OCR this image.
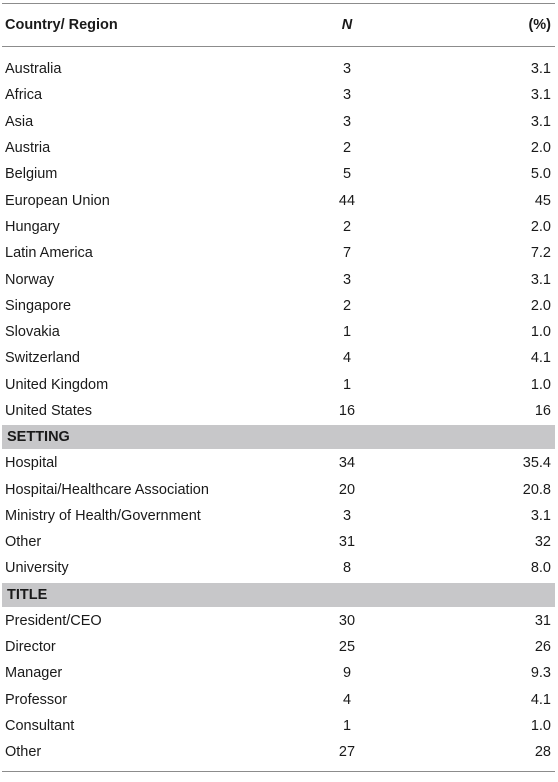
Country/ Region	N	(%)
Australia	3	3.1
Africa	3	3.1
Asia	3	3.1
Austria	2	2.0
Belgium	5	5.0
European Union	44	45
Hungary	2	2.0
Latin America	7	7.2
Norway	3	3.1
Singapore	2	2.0
Slovakia	1	1.0
Switzerland	4	4.1
United Kingdom	1	1.0
United States	16	16
SETTING
Hospital	34	35.4
Hospitai/Healthcare Association	20	20.8
Ministry of Health/Government	3	3.1
Other	31	32
University	8	8.0
TITLE
President/CEO	30	31
Director	25	26
Manager	9	9.3
Professor	4	4.1
Consultant	1	1.0
Other	27	28
